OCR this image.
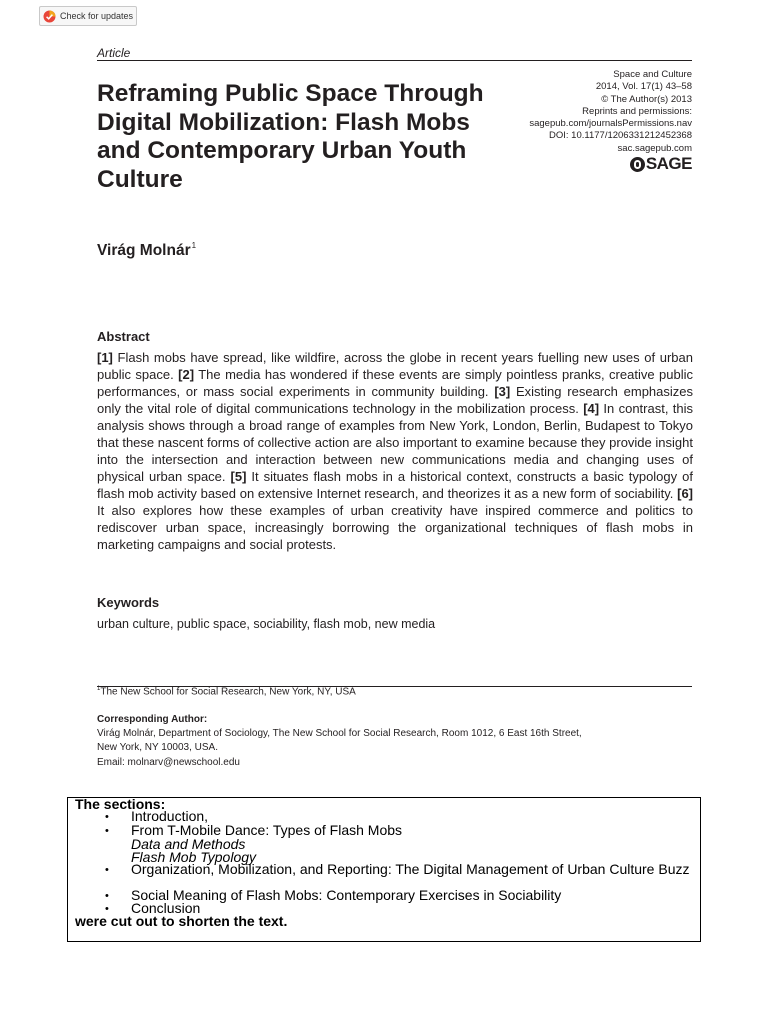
Check for updates
Article
Reframing Public Space Through Digital Mobilization: Flash Mobs and Contemporary Urban Youth Culture
Space and Culture
2014, Vol. 17(1) 43–58
© The Author(s) 2013
Reprints and permissions:
sagepub.com/journalsPermissions.nav
DOI: 10.1177/1206331212452368
sac.sagepub.com
SAGE
Virág Molnár$^1$
Abstract

[1] Flash mobs have spread, like wildfire, across the globe in recent years fuelling new uses of urban public space. [2] The media has wondered if these events are simply pointless pranks, creative public performances, or mass social experiments in community building. [3] Existing research emphasizes only the vital role of digital communications technology in the mobilization process. [4] In contrast, this analysis shows through a broad range of examples from New York, London, Berlin, Budapest to Tokyo that these nascent forms of collective action are also important to examine because they provide insight into the intersection and interaction between new communications media and changing uses of physical urban space. [5] It situates flash mobs in a historical context, constructs a basic typology of flash mob activity based on extensive Internet research, and theorizes it as a new form of sociability. [6] It also explores how these examples of urban creativity have inspired commerce and politics to rediscover urban space, increasingly borrowing the organizational techniques of flash mobs in marketing campaigns and social protests.

Keywords
urban culture, public space, sociability, flash mob, new media
$^1$The New School for Social Research, New York, NY, USA
Corresponding Author:
Virág Molnár, Department of Sociology, The New School for Social Research, Room 1012, 6 East 16th Street,
New York, NY 10003, USA.
Email: molnarv@newschool.edu
The sections:
• Introduction,
• From T-Mobile Dance: Types of Flash Mobs
Data and Methods
Flash Mob Typology
• Organization, Mobilization, and Reporting: The Digital Management of Urban Culture Buzz
• Social Meaning of Flash Mobs: Contemporary Exercises in Sociability
• Conclusion
were cut out to shorten the text.
